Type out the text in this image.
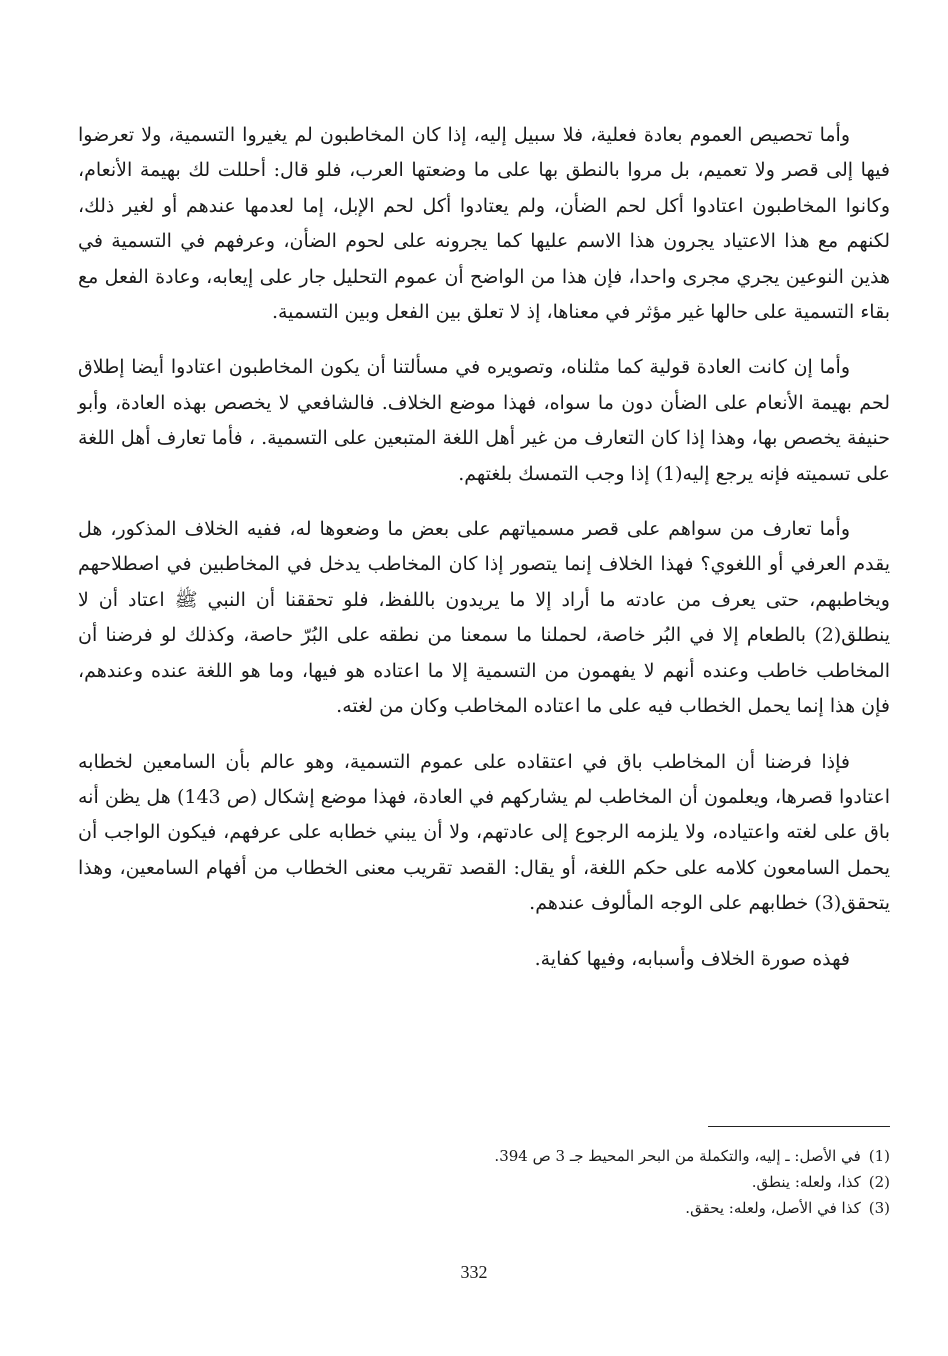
وأما تحصيص العموم بعادة فعلية، فلا سبيل إليه، إذا كان المخاطبون لم يغيروا التسمية، ولا تعرضوا فيها إلى قصر ولا تعميم، بل مروا بالنطق بها على ما وضعتها العرب، فلو قال: أحللت لك بهيمة الأنعام، وكانوا المخاطبون اعتادوا أكل لحم الضأن، ولم يعتادوا أكل لحم الإبل، إما لعدمها عندهم أو لغير ذلك، لكنهم مع هذا الاعتياد يجرون هذا الاسم عليها كما يجرونه على لحوم الضأن، وعرفهم في التسمية في هذين النوعين يجري مجرى واحدا، فإن هذا من الواضح أن عموم التحليل جار على إيعابه، وعادة الفعل مع بقاء التسمية على حالها غير مؤثر في معناها، إذ لا تعلق بين الفعل وبين التسمية.

وأما إن كانت العادة قولية كما مثلناه، وتصويره في مسألتنا أن يكون المخاطبون اعتادوا أيضا إطلاق لحم بهيمة الأنعام على الضأن دون ما سواه، فهذا موضع الخلاف. فالشافعي لا يخصص بهذه العادة، وأبو حنيفة يخصص بها، وهذا إذا كان التعارف من غير أهل اللغة المتبعين على التسمية. ، فأما تعارف أهل اللغة على تسميته فإنه يرجع إليه(1) إذا وجب التمسك بلغتهم.

وأما تعارف من سواهم على قصر مسمياتهم على بعض ما وضعوها له، ففيه الخلاف المذكور، هل يقدم العرفي أو اللغوي؟ فهذا الخلاف إنما يتصور إذا كان المخاطب يدخل في المخاطبين في اصطلاحهم ويخاطبهم، حتى يعرف من عادته ما أراد إلا ما يريدون باللفظ، فلو تحققنا أن النبي ﷺ اعتاد أن لا ينطلق(2) بالطعام إلا في البُر خاصة، لحملنا ما سمعنا من نطقه على البُرّ حاصة، وكذلك لو فرضنا أن المخاطب خاطب وعنده أنهم لا يفهمون من التسمية إلا ما اعتاده هو فيها، وما هو اللغة عنده وعندهم، فإن هذا إنما يحمل الخطاب فيه على ما اعتاده المخاطب وكان من لغته.

فإذا فرضنا أن المخاطب باق في اعتقاده على عموم التسمية، وهو عالم بأن السامعين لخطابه اعتادوا قصرها، ويعلمون أن المخاطب لم يشاركهم في العادة، فهذا موضع إشكال (ص 143) هل يظن أنه باق على لغته واعتياده، ولا يلزمه الرجوع إلى عادتهم، ولا أن يبني خطابه على عرفهم، فيكون الواجب أن يحمل السامعون كلامه على حكم اللغة، أو يقال: القصد تقريب معنى الخطاب من أفهام السامعين، وهذا يتحقق(3) خطابهم على الوجه المألوف عندهم.

فهذه صورة الخلاف وأسبابه، وفيها كفاية.

(1)في الأصل: ـ إليه، والتكملة من البحر المحيط جـ 3 ص 394.
(2)كذا، ولعله: ينطق.
(3)كذا في الأصل، ولعله: يحقق.
332
